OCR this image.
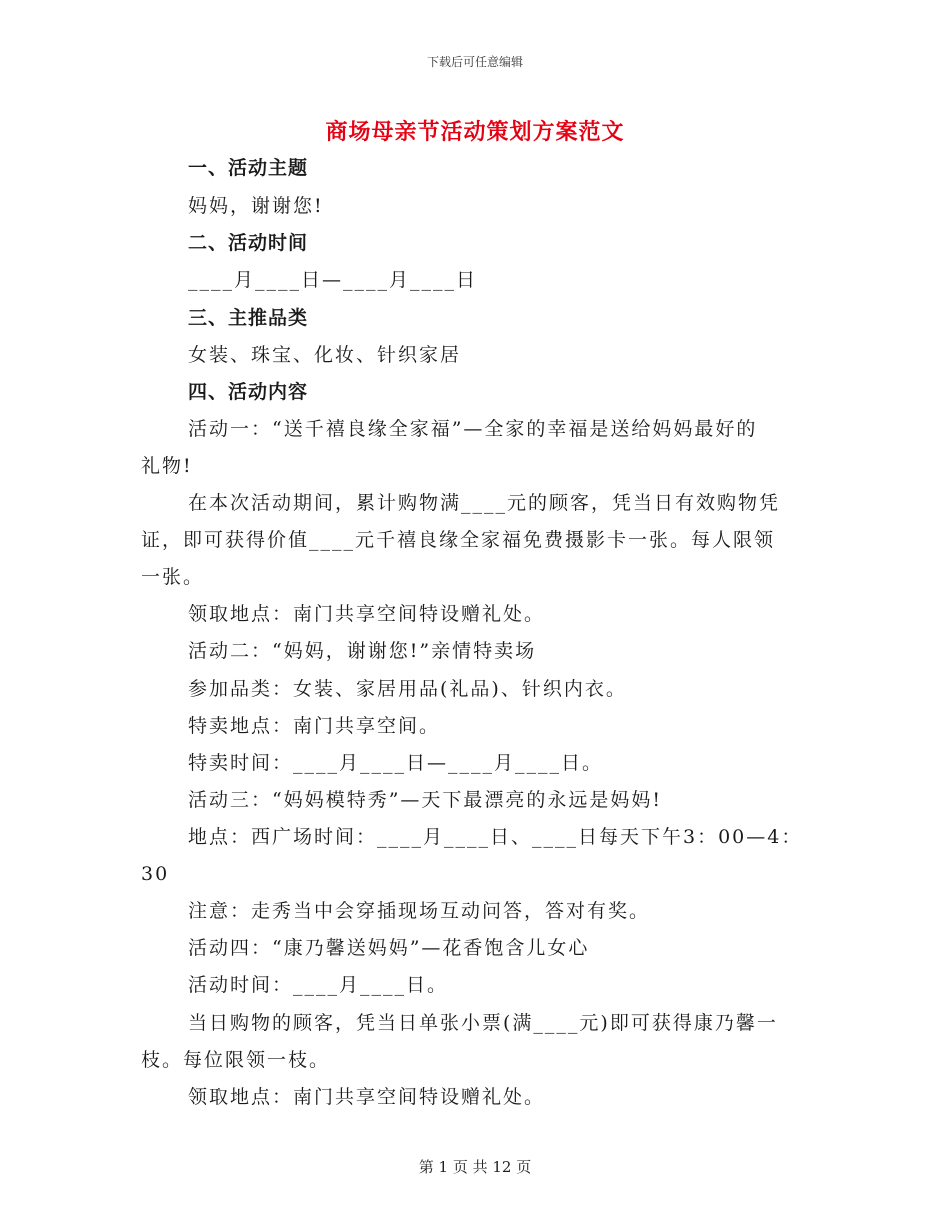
下载后可任意编辑
商场母亲节活动策划方案范文
一、活动主题
妈妈，谢谢您!
二、活动时间
____月____日—____月____日
三、主推品类
女装、珠宝、化妆、针织家居
四、活动内容
活动一：“送千禧良缘全家福”—全家的幸福是送给妈妈最好的
礼物!
在本次活动期间，累计购物满____元的顾客，凭当日有效购物凭
证，即可获得价值____元千禧良缘全家福免费摄影卡一张。每人限领
一张。
领取地点：南门共享空间特设赠礼处。
活动二：“妈妈，谢谢您!”亲情特卖场
参加品类：女装、家居用品(礼品)、针织内衣。
特卖地点：南门共享空间。
特卖时间：____月____日—____月____日。
活动三：“妈妈模特秀”—天下最漂亮的永远是妈妈!
地点：西广场时间：____月____日、____日每天下午3：00—4：
30
注意：走秀当中会穿插现场互动问答，答对有奖。
活动四：“康乃馨送妈妈”—花香饱含儿女心
活动时间：____月____日。
当日购物的顾客，凭当日单张小票(满____元)即可获得康乃馨一
枝。每位限领一枝。
领取地点：南门共享空间特设赠礼处。
第 1 页 共 12 页
